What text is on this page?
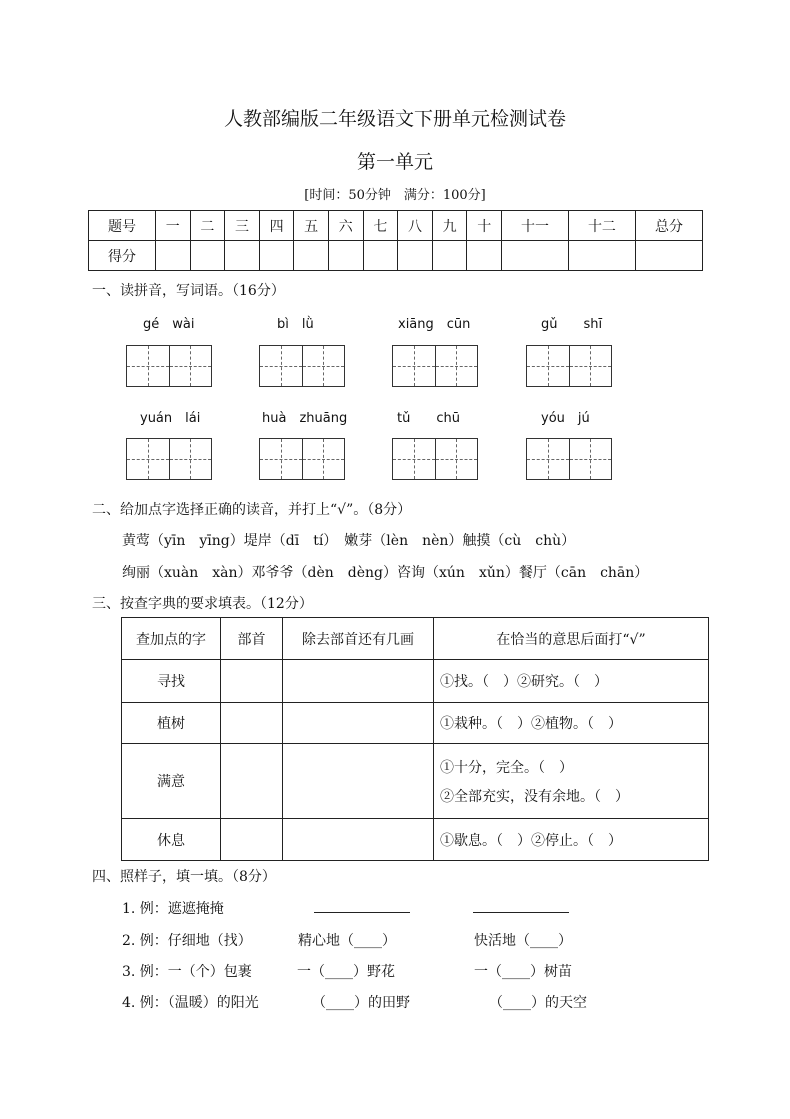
人教部编版二年级语文下册单元检测试卷
第一单元
[时间：50分钟　满分：100分]
题号	一	二	三	四	五	六	七	八	九	十	十一	十二	总分
得分													
一、读拼音，写词语。（16分）
gé　wài	bì　lǜ	xiāng　cūn	gǔ　　shī
yuán　lái	huà　zhuāng	tǔ　　chū	yóu　jú
二、给加点字选择正确的读音，并打上“√”。（8分）
黄莺（yīn　yīng）堤岸（dī　tí）　嫩芽（lèn　nèn）触摸（cù　chù）
绚丽（xuàn　xàn）邓爷爷（dèn　dèng）咨询（xún　xǔn）餐厅（cān　chān）
三、按查字典的要求填表。（12分）
查加点的字	部首	除去部首还有几画	在恰当的意思后面打“√”
寻找			①找。（　）②研究。（　）
植树			①栽种。（　）②植物。（　）
满意			①十分，完全。（　）
②全部充实，没有余地。（　）

休息			①歇息。（　）②停止。（　）
四、照样子，填一填。（8分）
1. 例：遮遮掩掩
2. 例：仔细地（找）	精心地（____）	快活地（____）
3. 例：一（个）包裹	一（____）野花	一（____）树苗
4. 例：（温暖）的阳光	（____）的田野	（____）的天空
